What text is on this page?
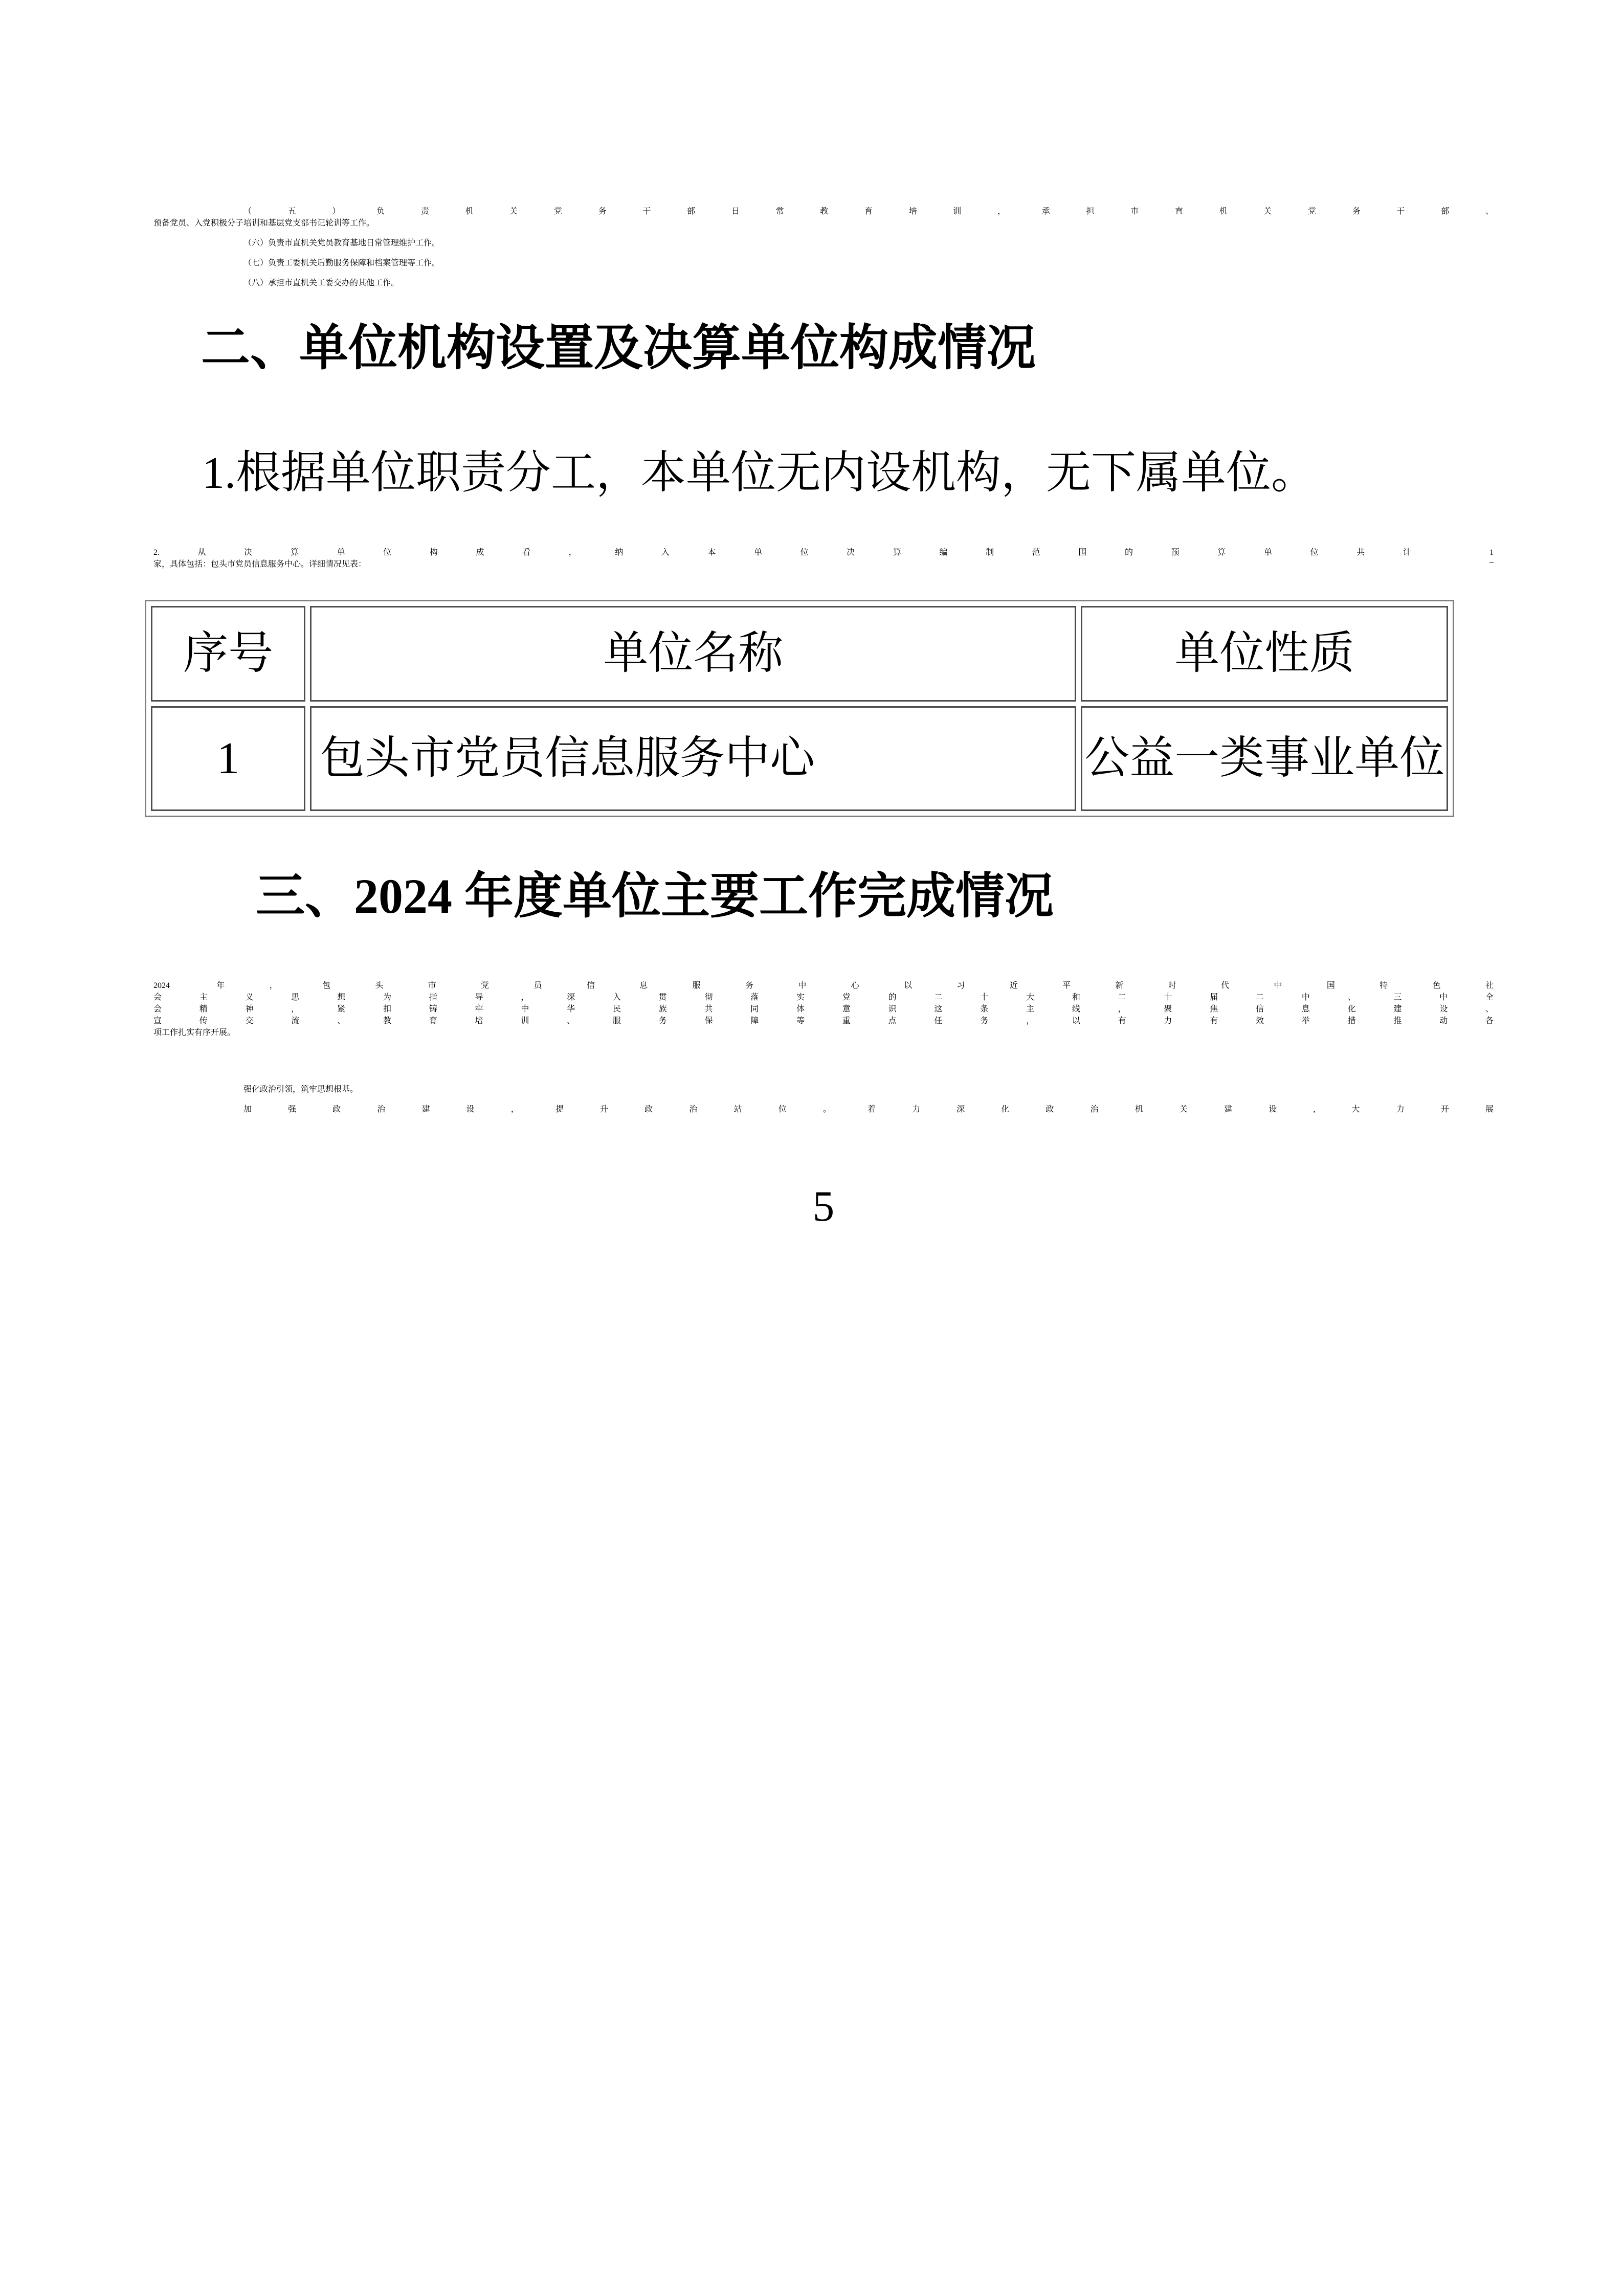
（五）负责机关党务干部日常教育培训，承担市直机关党务干部、
预备党员、入党积极分子培训和基层党支部书记轮训等工作。

（六）负责市直机关党员教育基地日常管理维护工作。

（七）负责工委机关后勤服务保障和档案管理等工作。

（八）承担市直机关工委交办的其他工作。

二、单位机构设置及决算单位构成情况

1.根据单位职责分工，本单位无内设机构，无下属单位。

2.从决算单位构成看，纳入本单位决算编制范围的预算单位共计 1
家，具体包括：包头市党员信息服务中心。详细情况见表：

序号	单位名称	单位性质
1	包头市党员信息服务中心	公益一类事业单位

三、2024 年度单位主要工作完成情况

2024 年，包头市党员信息服务中心以习近平新时代中国特色社
会主义思想为指导，深入贯彻落实党的二十大和二十届二中、三中全
会精神，紧扣铸牢中华民族共同体意识这条主线，聚焦信息化建设、
宣传交流、教育培训、服务保障等重点任务，以有力有效举措推动各
项工作扎实有序开展。

强化政治引领，筑牢思想根基。

加强政治建设，提升政治站位。着力深化政治机关建设,大力开展

5
